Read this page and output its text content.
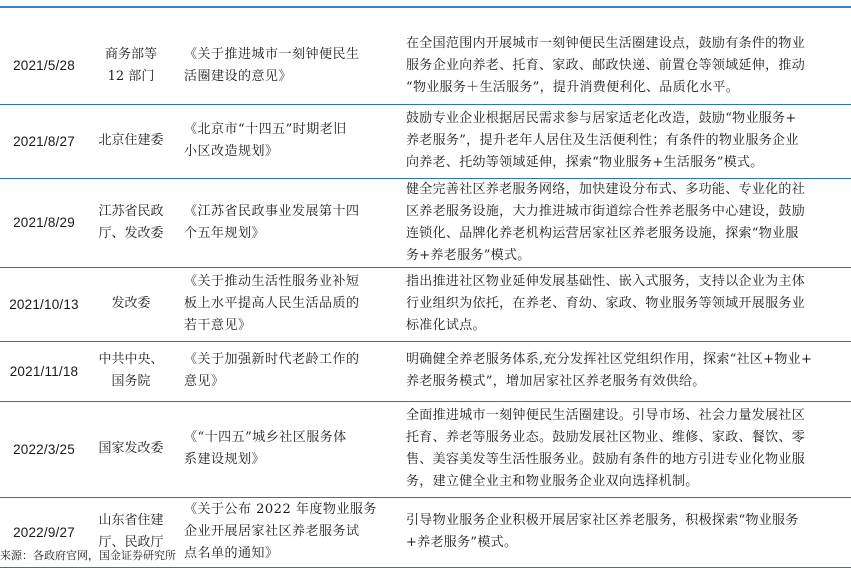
2021/5/28	商务部等
12 部门	《关于推进城市一刻钟便民生
活圈建设的意见》	在全国范围内开展城市一刻钟便民生活圈建设点，鼓励有条件的物业
服务企业向养老、托育、家政、邮政快递、前置仓等领域延伸，推动
“物业服务＋生活服务”，提升消费便利化、品质化水平。

2021/8/27	北京住建委	《北京市“十四五”时期老旧
小区改造规划》	鼓励专业企业根据居民需求参与居家适老化改造，鼓励“物业服务+
养老服务”，提升老年人居住及生活便利性；有条件的物业服务企业
向养老、托幼等领域延伸，探索“物业服务+生活服务”模式。

2021/8/29	江苏省民政
厅、发改委	《江苏省民政事业发展第十四
个五年规划》	健全完善社区养老服务网络，加快建设分布式、多功能、专业化的社
区养老服务设施，大力推进城市街道综合性养老服务中心建设，鼓励
连锁化、品牌化养老机构运营居家社区养老服务设施，探索“物业服
务+养老服务”模式。

2021/10/13	发改委	《关于推动生活性服务业补短
板上水平提高人民生活品质的
若干意见》	指出推进社区物业延伸发展基础性、嵌入式服务，支持以企业为主体
行业组织为依托，在养老、育幼、家政、物业服务等领域开展服务业
标准化试点。

2021/11/18	中共中央、
国务院	《关于加强新时代老龄工作的
意见》	明确健全养老服务体系,充分发挥社区党组织作用，探索“社区+物业+
养老服务模式”，增加居家社区养老服务有效供给。

2022/3/25	国家发改委	《“十四五”城乡社区服务体
系建设规划》	全面推进城市一刻钟便民生活圈建设。引导市场、社会力量发展社区
托育、养老等服务业态。鼓励发展社区物业、维修、家政、餐饮、零
售、美容美发等生活性服务业。鼓励有条件的地方引进专业化物业服
务，建立健全业主和物业服务企业双向选择机制。

2022/9/27	山东省住建
厅、民政厅	《关于公布 2022 年度物业服务
企业开展居家社区养老服务试
点名单的通知》	引导物业服务企业积极开展居家社区养老服务，积极探索“物业服务
+养老服务”模式。
来源：各政府官网，国金证券研究所
